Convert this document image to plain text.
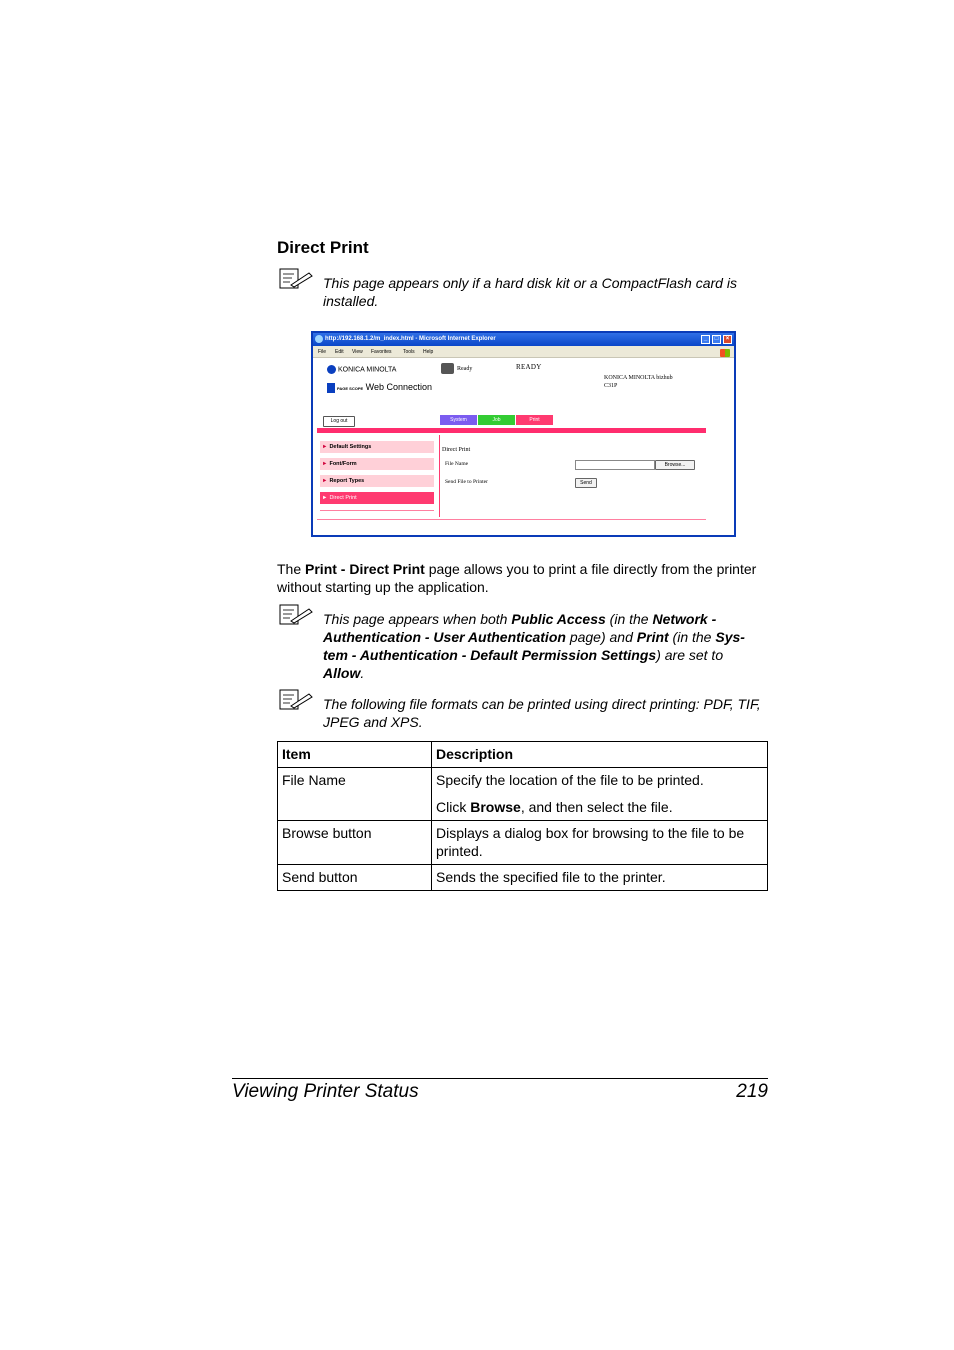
Direct Print
This page appears only if a hard disk kit or a CompactFlash card is installed.
http://192.168.1.2/m_index.html - Microsoft Internet Explorer	_	□	×
File Edit View Favorites Tools Help
KONICA MINOLTA
PAGE SCOPE Web Connection
Ready	READY
KONICA MINOLTA bizhub
C31P
Log out	System	Job	Print
► Default Settings
► Font/Form
► Report Types
► Direct Print
Direct Print
File Name	Browse...
Send File to Printer	Send
The Print - Direct Print page allows you to print a file directly from the printer without starting up the application.
This page appears when both Public Access (in the Network - Authentication - User Authentication page) and Print (in the Sys- tem - Authentication - Default Permission Settings) are set to Allow.
The following file formats can be printed using direct printing: PDF, TIF, JPEG and XPS.
Item	Description
File Name	Specify the location of the file to be printed.
Click Browse, and then select the file.

Browse button	Displays a dialog box for browsing to the file to be printed.
Send button	Sends the specified file to the printer.
Viewing Printer Status	219
